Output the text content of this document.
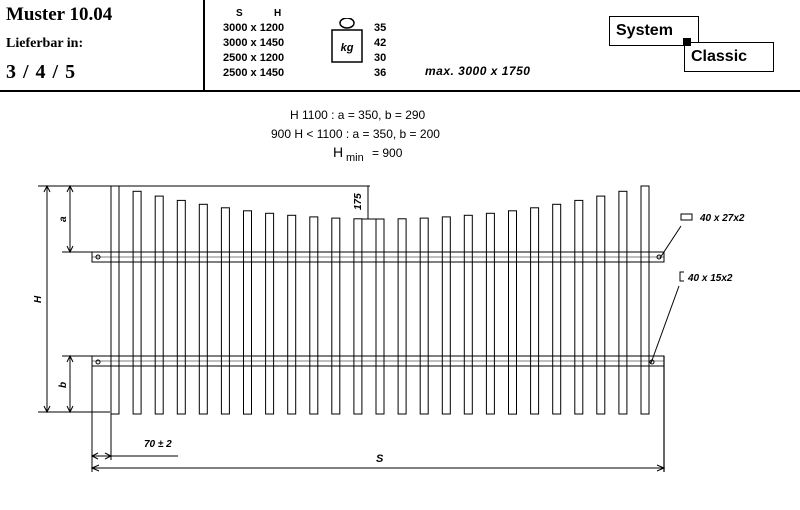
Muster 10.04
Lieferbar in:
3 / 4 / 5
S	H
3000 x 1200
3000 x 1450
2500 x 1200
2500 x 1450
35
42
30
36
kg
max. 3000 x 1750
System
Classic
H 1100 : a = 350, b = 290
900 H < 1100 : a = 350, b = 200
H min = 900
H
a
b
175
70 ± 2
S
40 x 27x2
40 x 15x2
